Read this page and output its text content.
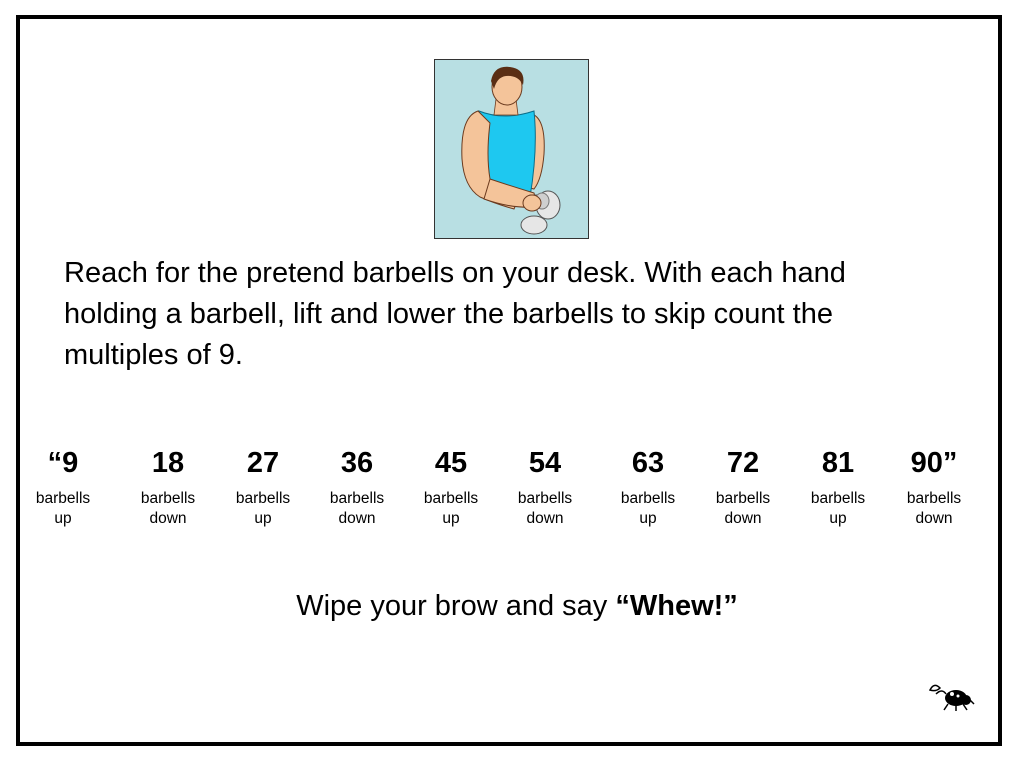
Reach for the pretend barbells on your desk. With each hand holding a barbell, lift and lower the barbells to skip count the multiples of 9.

“9
barbells
up
18
barbells
down
27
barbells
up
36
barbells
down
45
barbells
up
54
barbells
down
63
barbells
up
72
barbells
down
81
barbells
up
90”
barbells
down

Wipe your brow and say “Whew!”
